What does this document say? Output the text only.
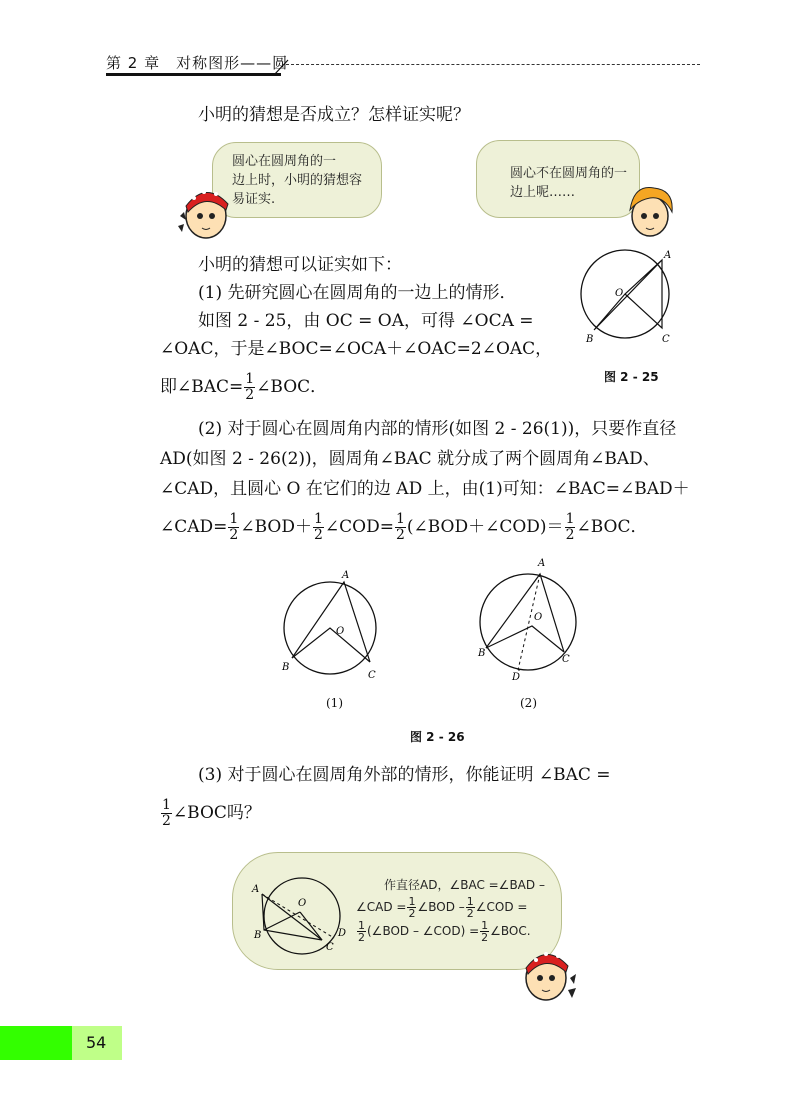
第 2 章　对称图形——圆
小明的猜想是否成立？怎样证实呢？
圆心在圆周角的一
边上时，小明的猜想容
易证实.
圆心不在圆周角的一
边上呢……
小明的猜想可以证实如下：
(1) 先研究圆心在圆周角的一边上的情形．
如图 2 - 25，由 OC = OA，可得 ∠OCA =
∠OAC，于是∠BOC=∠OCA＋∠OAC=2∠OAC，
即∠BAC= $\frac{1}{2}$ ∠BOC．
A
O
B	C
图 2 - 25
(2) 对于圆心在圆周角内部的情形(如图 2 - 26(1))，只要作直径
AD(如图 2 - 26(2))，圆周角∠BAC 就分成了两个圆周角∠BAD、
∠CAD，且圆心 O 在它们的边 AD 上，由(1)可知：∠BAC=∠BAD＋
∠CAD= $\frac{1}{2}$ ∠BOD＋ $\frac{1}{2}$ ∠COD= $\frac{1}{2}$ (∠BOD＋∠COD)＝ $\frac{1}{2}$ ∠BOC．
A
O
B
C
(1)
A
O
B
C
D
(2)
图 2 - 26
(3) 对于圆心在圆周角外部的情形，你能证明 ∠BAC =
$\frac{1}{2}$ ∠BOC吗？
A
O
B
C
D
作直径AD，∠BAC =∠BAD –
∠CAD = $\frac{1}{2}$ ∠BOD – $\frac{1}{2}$ ∠COD =
$\frac{1}{2}$ (∠BOD – ∠COD) = $\frac{1}{2}$ ∠BOC.
54
